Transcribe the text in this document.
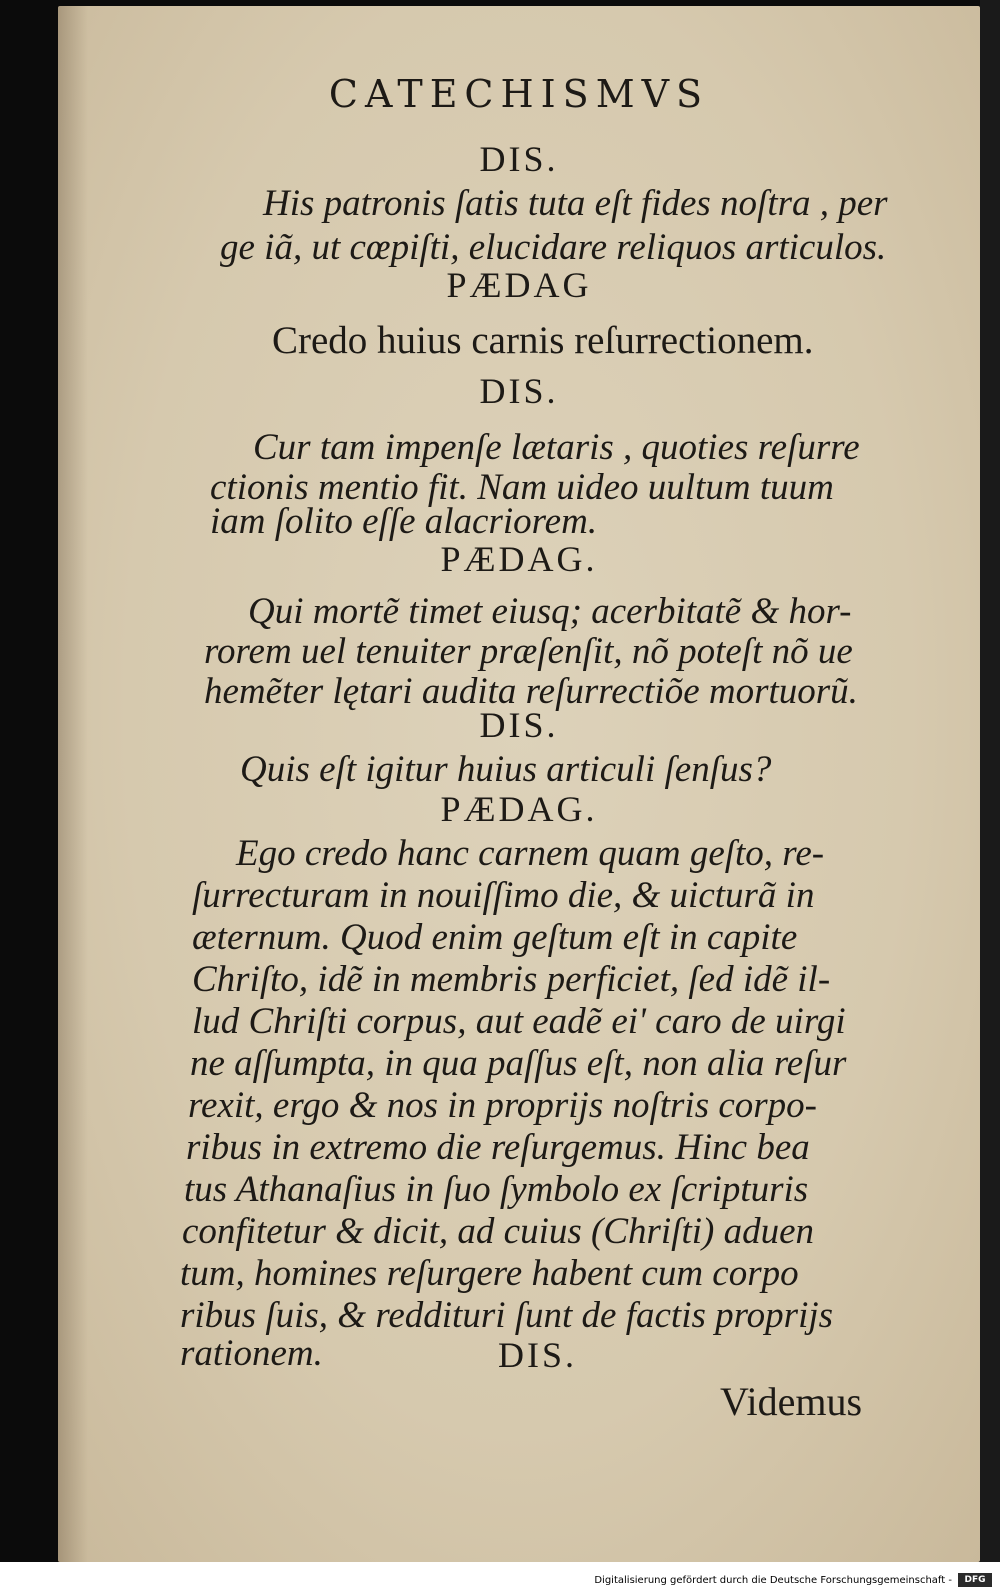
CATECHISMVS
DIS.
His patronis ſatis tuta eſt fides noſtra , per
ge iã, ut cœpiſti, elucidare reliquos articulos.
PÆDAG
Credo huius carnis reſurrectionem.
DIS.
Cur tam impenſe lætaris , quoties reſurre
ctionis mentio fit. Nam uideo uultum tuum
iam ſolito eſſe alacriorem.
PÆDAG.
Qui mortẽ timet eiusq; acerbitatẽ & hor-
rorem uel tenuiter præſenſit, nõ poteſt nõ ue
hemẽter lętari audita reſurrectiõe mortuorũ.
DIS.
Quis eſt igitur huius articuli ſenſus?
PÆDAG.
Ego credo hanc carnem quam geſto, re-
ſurrecturam in nouiſſimo die, & uicturã in
æternum. Quod enim geſtum eſt in capite
Chriſto, idẽ in membris perficiet, ſed idẽ il-
lud Chriſti corpus, aut eadẽ ei' caro de uirgi
ne aſſumpta, in qua paſſus eſt, non alia reſur
rexit, ergo & nos in proprijs noſtris corpo-
ribus in extremo die reſurgemus. Hinc bea
tus Athanaſius in ſuo ſymbolo ex ſcripturis
confitetur & dicit, ad cuius (Chriſti) aduen
tum, homines reſurgere habent cum corpo
ribus ſuis, & reddituri ſunt de factis proprijs
rationem.	DIS.
Videmus
Digitalisierung gefördert durch die Deutsche Forschungsgemeinschaft -	DFG
